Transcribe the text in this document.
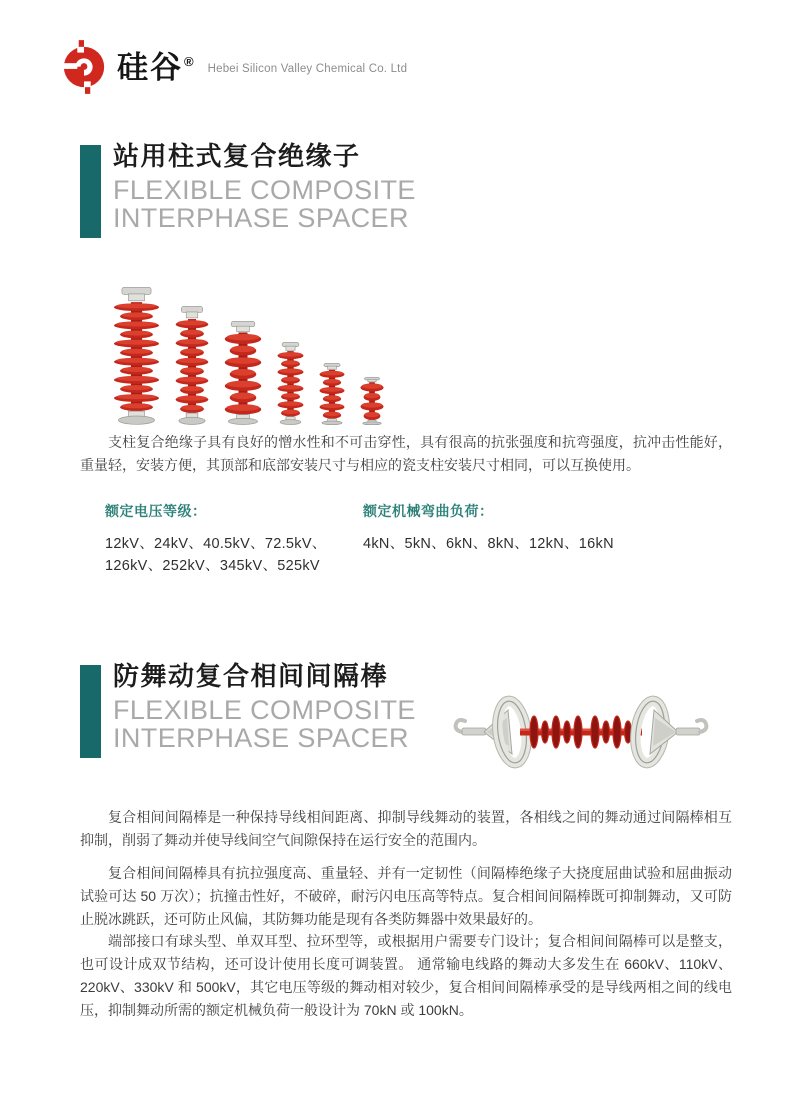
硅谷®
Hebei Silicon Valley Chemical Co. Ltd
站用柱式复合绝缘子
FLEXIBLE COMPOSITE
INTERPHASE SPACER

支柱复合绝缘子具有良好的憎水性和不可击穿性，具有很高的抗张强度和抗弯强度，抗冲击性能好，重量轻，安装方便，其顶部和底部安装尺寸与相应的瓷支柱安装尺寸相同，可以互换使用。

额定电压等级：
12kV、24kV、40.5kV、72.5kV、
126kV、252kV、345kV、525kV
额定机械弯曲负荷：
4kN、5kN、6kN、8kN、12kN、16kN
防舞动复合相间间隔棒
FLEXIBLE COMPOSITE
INTERPHASE SPACER

复合相间间隔棒是一种保持导线相间距离、抑制导线舞动的装置，各相线之间的舞动通过间隔棒相互抑制，削弱了舞动并使导线间空气间隙保持在运行安全的范围内。

复合相间间隔棒具有抗拉强度高、重量轻、并有一定韧性（间隔棒绝缘子大挠度屈曲试验和屈曲振动试验可达 50 万次）；抗撞击性好，不破碎，耐污闪电压高等特点。复合相间间隔棒既可抑制舞动，又可防止脱冰跳跃，还可防止风偏，其防舞功能是现有各类防舞器中效果最好的。

端部接口有球头型、单双耳型、拉环型等，或根据用户需要专门设计；复合相间间隔棒可以是整支，也可设计成双节结构，还可设计使用长度可调装置。 通常输电线路的舞动大多发生在 660kV、110kV、220kV、330kV 和 500kV，其它电压等级的舞动相对较少，复合相间间隔棒承受的是导线两相之间的线电压，抑制舞动所需的额定机械负荷一般设计为 70kN 或 100kN。
